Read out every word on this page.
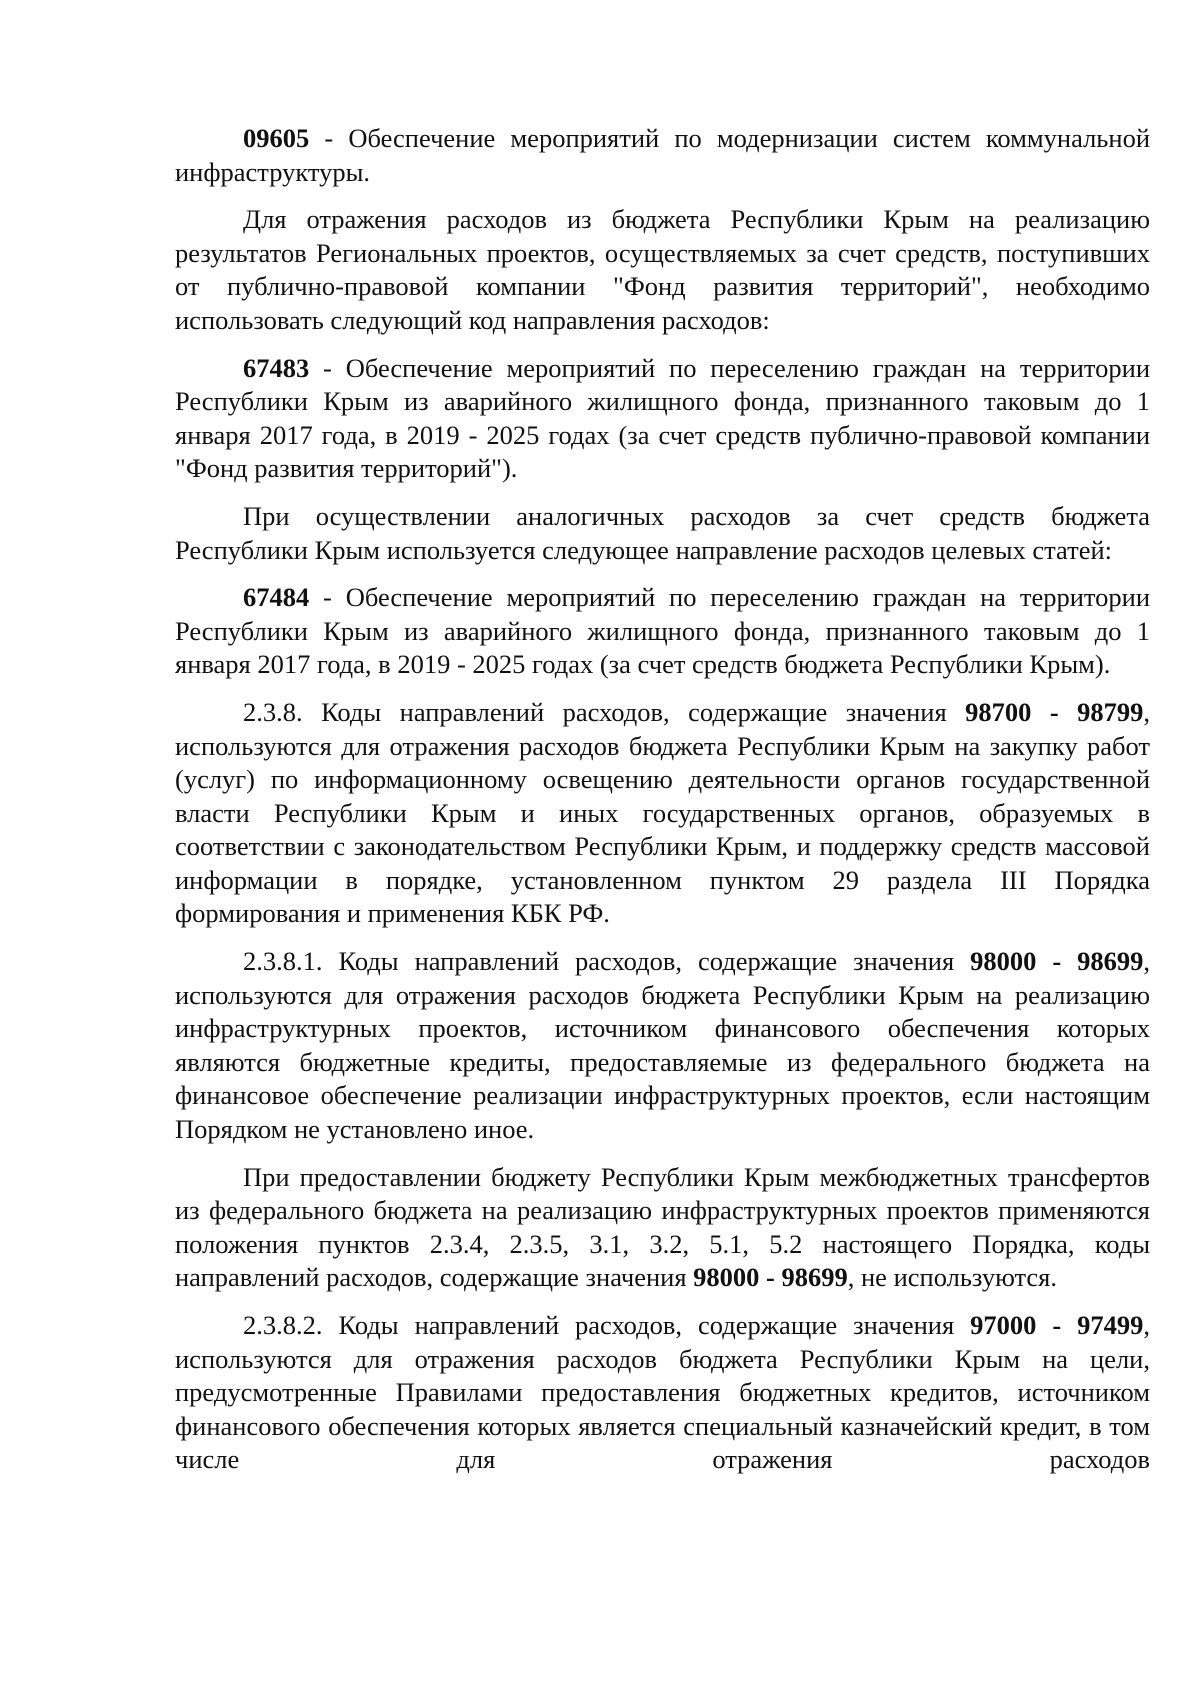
09605 - Обеспечение мероприятий по модернизации систем коммунальной инфраструктуры.

Для отражения расходов из бюджета Республики Крым на реализацию результатов Региональных проектов, осуществляемых за счет средств, поступивших от публично-правовой компании "Фонд развития территорий", необходимо использовать следующий код направления расходов:

67483 - Обеспечение мероприятий по переселению граждан на территории Республики Крым из аварийного жилищного фонда, признанного таковым до 1 января 2017 года, в 2019 - 2025 годах (за счет средств публично-правовой компании "Фонд развития территорий").

При осуществлении аналогичных расходов за счет средств бюджета Республики Крым используется следующее направление расходов целевых статей:

67484 - Обеспечение мероприятий по переселению граждан на территории Республики Крым из аварийного жилищного фонда, признанного таковым до 1 января 2017 года, в 2019 - 2025 годах (за счет средств бюджета Республики Крым).

2.3.8. Коды направлений расходов, содержащие значения 98700 - 98799, используются для отражения расходов бюджета Республики Крым на закупку работ (услуг) по информационному освещению деятельности органов государственной власти Республики Крым и иных государственных органов, образуемых в соответствии с законодательством Республики Крым, и поддержку средств массовой информации в порядке, установленном пунктом 29 раздела III Порядка формирования и применения КБК РФ.

2.3.8.1. Коды направлений расходов, содержащие значения 98000 - 98699, используются для отражения расходов бюджета Республики Крым на реализацию инфраструктурных проектов, источником финансового обеспечения которых являются бюджетные кредиты, предоставляемые из федерального бюджета на финансовое обеспечение реализации инфраструктурных проектов, если настоящим Порядком не установлено иное.

При предоставлении бюджету Республики Крым межбюджетных трансфертов из федерального бюджета на реализацию инфраструктурных проектов применяются положения пунктов 2.3.4, 2.3.5, 3.1, 3.2, 5.1, 5.2 настоящего Порядка, коды направлений расходов, содержащие значения 98000 - 98699, не используются.

2.3.8.2. Коды направлений расходов, содержащие значения 97000 - 97499, используются для отражения расходов бюджета Республики Крым на цели, предусмотренные Правилами предоставления бюджетных кредитов, источником финансового обеспечения которых является специальный казначейский кредит, в том числе для отражения расходов
